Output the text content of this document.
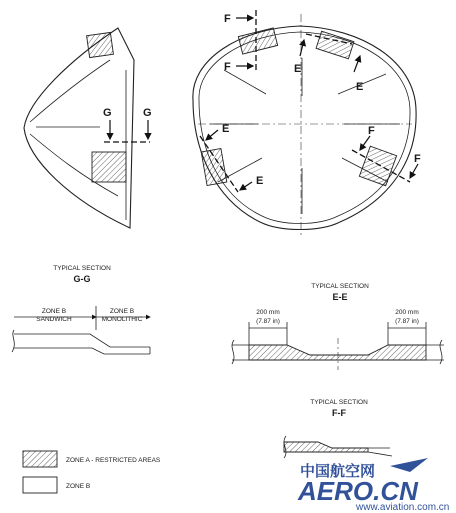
G	G
F
F	E
E
E
E
F
F
TYPICAL SECTION
G-G
ZONE B
SANDWICH
ZONE B
MONOLITHIC
TYPICAL SECTION
E-E
200 mm
(7.87 in)
200 mm
(7.87 in)
TYPICAL SECTION
F-F
ZONE A - RESTRICTED AREAS
ZONE B
中国航空网
AERO.CN
www.aviation.com.cn
